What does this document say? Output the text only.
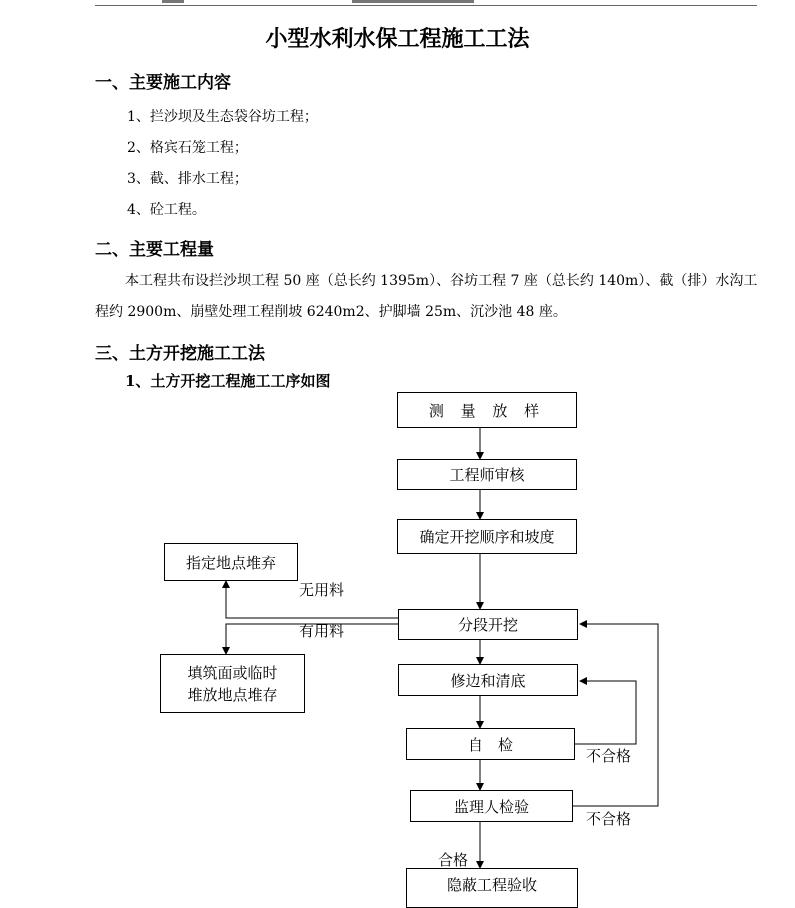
小型水利水保工程施工工法
一、主要施工内容
1、拦沙坝及生态袋谷坊工程；
2、格宾石笼工程；
3、截、排水工程；
4、砼工程。
二、主要工程量
本工程共布设拦沙坝工程 50 座（总长约 1395m）、谷坊工程 7 座（总长约 140m）、截（排）水沟工程约 2900m、崩壁处理工程削坡 6240m2、护脚墙 25m、沉沙池 48 座。
三、土方开挖施工工法
1、土方开挖工程施工工序如图
测 量 放 样
工程师审核
确定开挖顺序和坡度
分段开挖
修边和清底
自　检
监理人检验
指定地点堆弃
填筑面或临时堆放地点堆存
隐蔽工程验收
无用料
有用料
不合格
不合格
合格
